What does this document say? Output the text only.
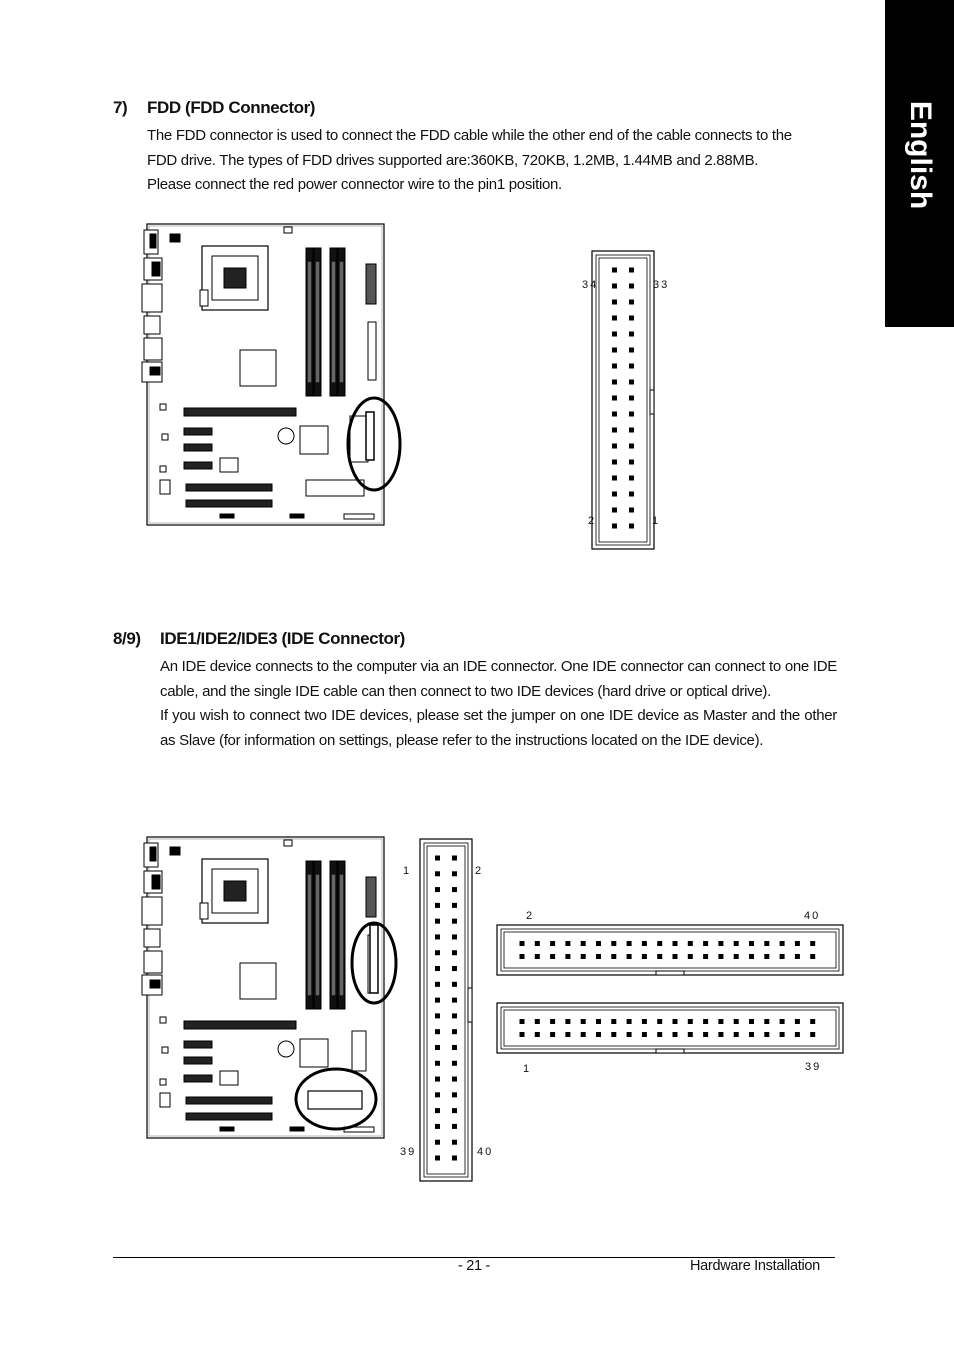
English
7) FDD (FDD Connector)

The FDD connector is used to connect the FDD cable while the other end of the cable connects to the

FDD drive. The types of FDD drives supported are:360KB, 720KB, 1.2MB, 1.44MB and 2.88MB.

Please connect the red power connector wire to the pin1 position.

34	33
2	1
8/9) IDE1/IDE2/IDE3 (IDE Connector)

An IDE device connects to the computer via an IDE connector. One IDE connector can connect to one IDE cable, and the single IDE cable can then connect to two IDE devices (hard drive or optical drive).

If you wish to connect two IDE devices, please set the jumper on one IDE device as Master and the other as Slave (for information on settings, please refer to the instructions located on the IDE device).

1	2
39	40
2	40
1	39
- 21 -	Hardware Installation
